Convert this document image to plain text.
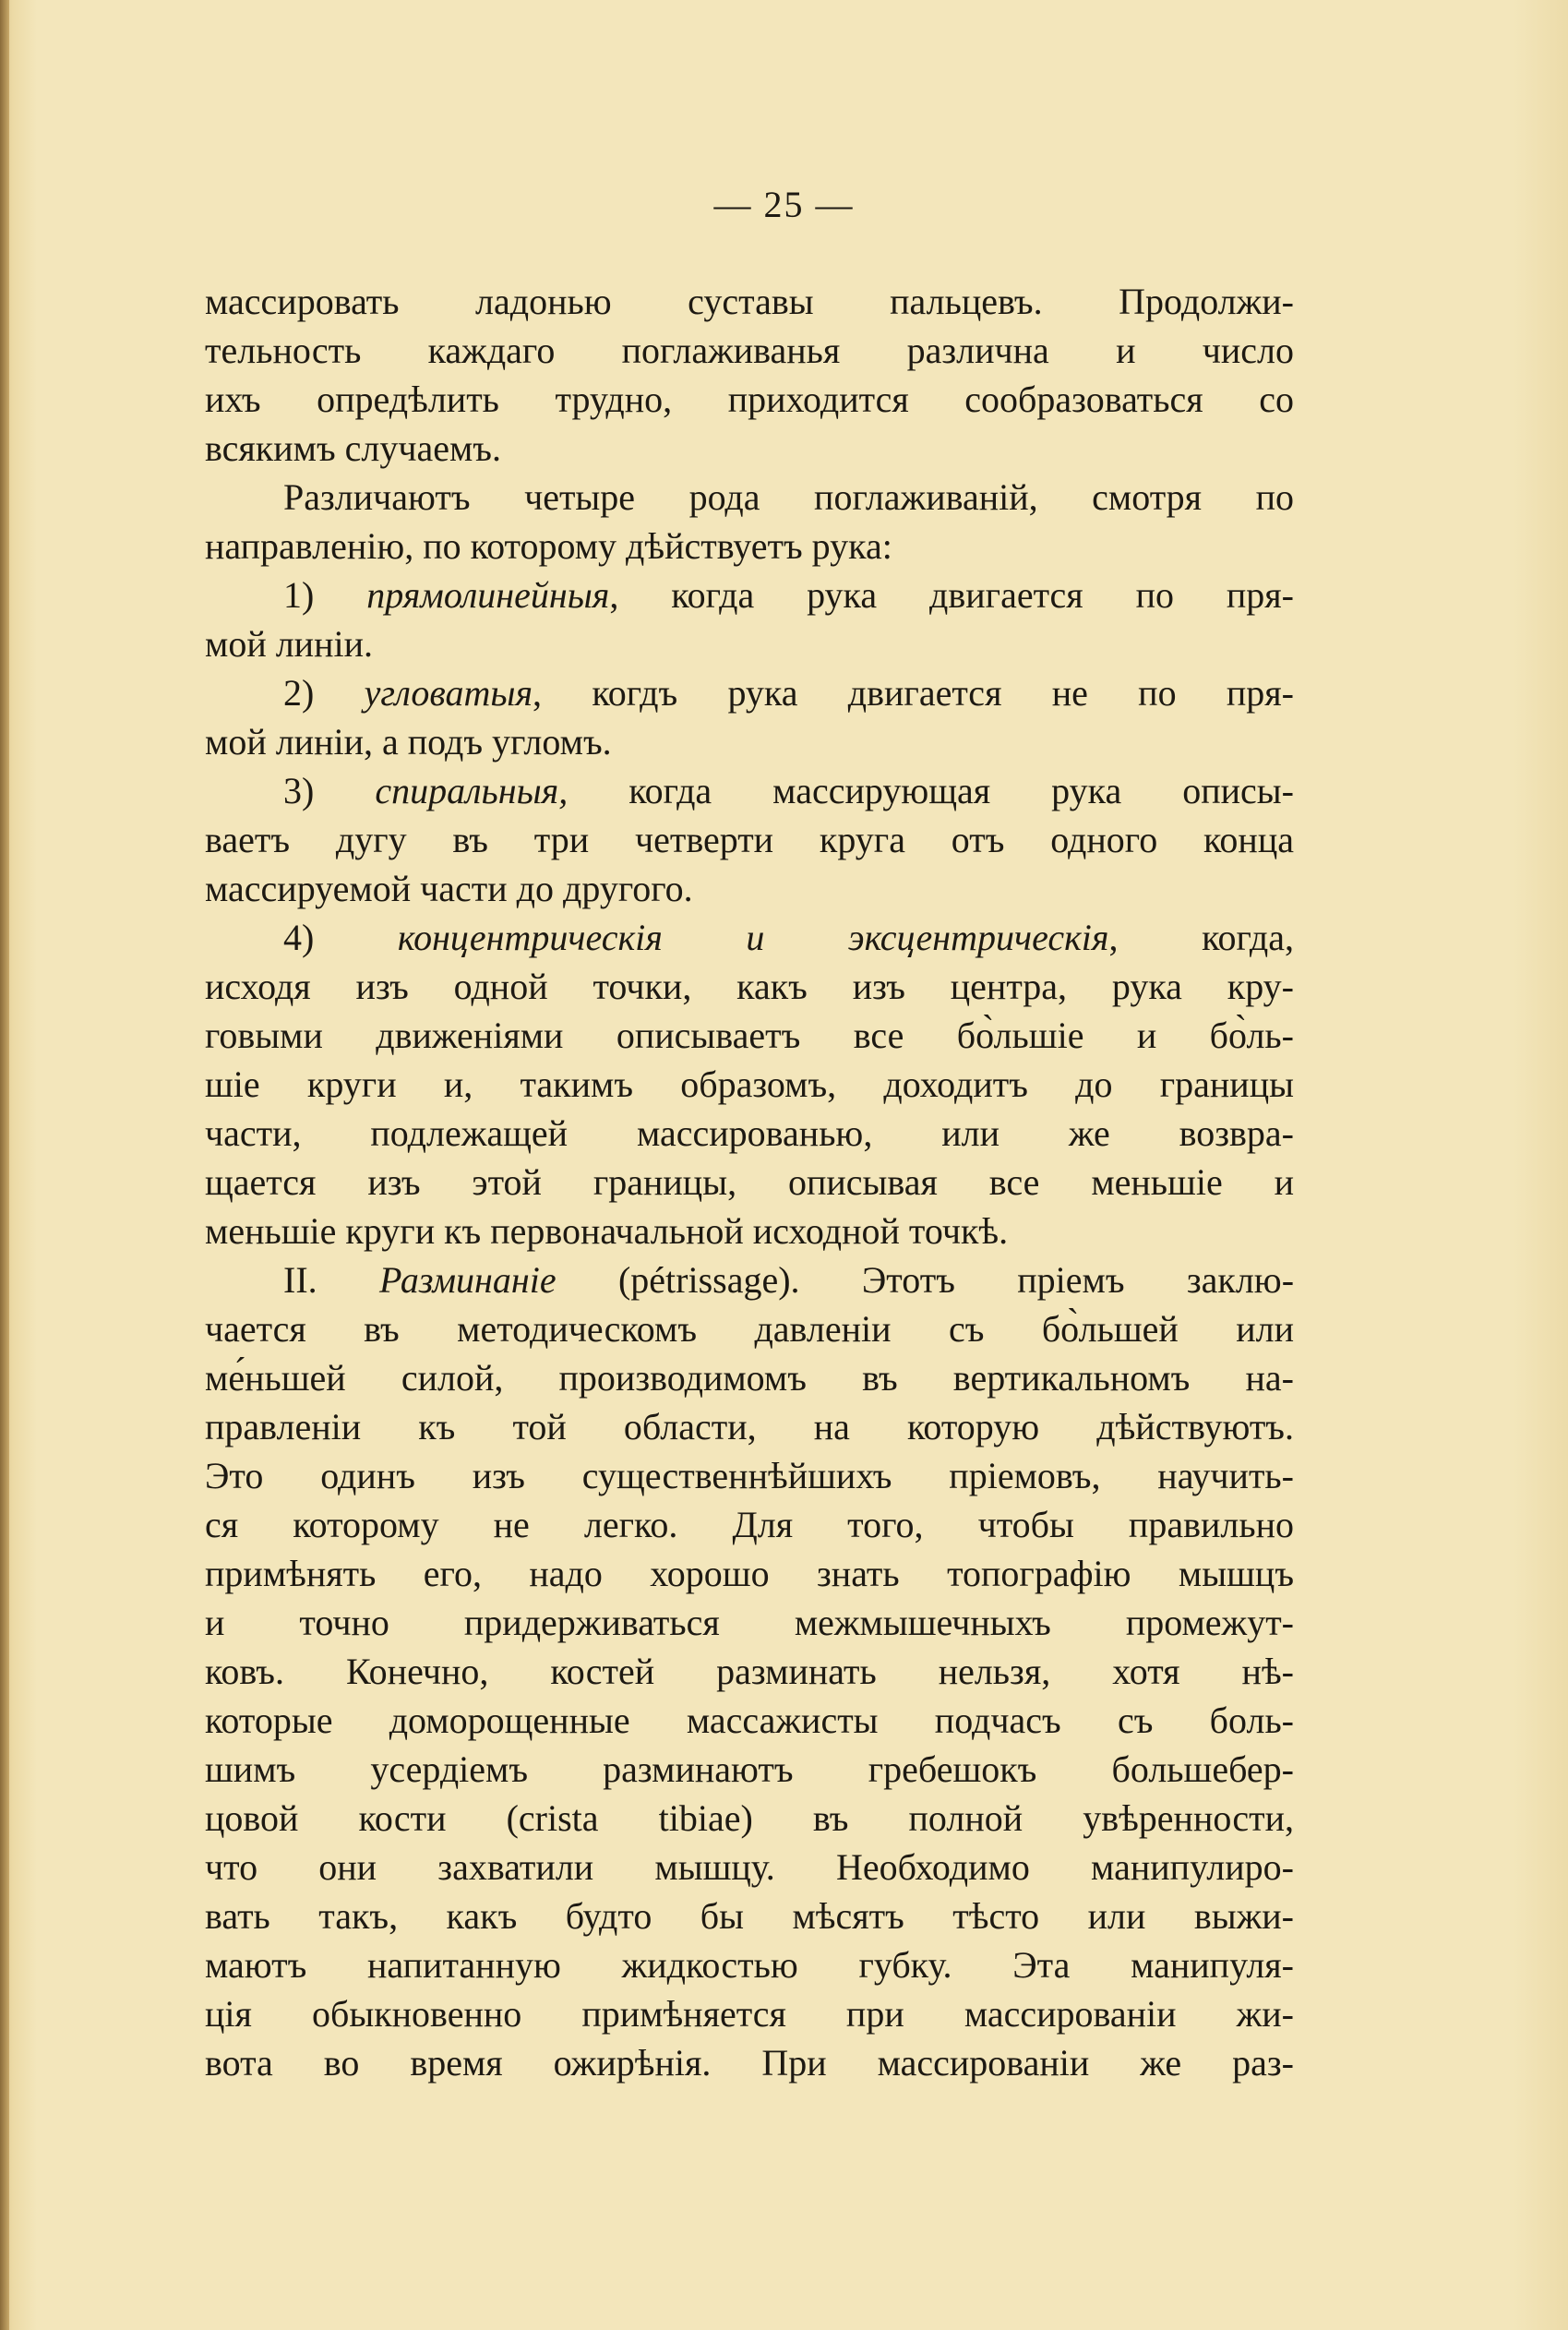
— 25 —
массировать ладонью суставы пальцевъ. Продолжи-
тельность каждаго поглаживанья различна и число
ихъ опредѣлить трудно, приходится сообразоваться со
всякимъ случаемъ.
Различаютъ четыре рода поглаживаній, смотря по
направленію, по которому дѣйствуетъ рука:
1) прямолинейныя, когда рука двигается по пря-
мой линіи.
2) угловатыя, когдъ рука двигается не по пря-
мой линіи, а подъ угломъ.
3) спиральныя, когда массирующая рука описы-
ваетъ дугу въ три четверти круга отъ одного конца
массируемой части до другого.
4) концентрическія и эксцентрическія, когда,
исходя изъ одной точки, какъ изъ центра, рука кру-
говыми движеніями описываетъ все бо̀льшіе и бо̀ль-
шіе круги и, такимъ образомъ, доходитъ до границы
части, подлежащей массированью, или же возвра-
щается изъ этой границы, описывая все меньшіе и
меньшіе круги къ первоначальной исходной точкѣ.
II. Разминаніе (pétrissage). Этотъ пріемъ заклю-
чается въ методическомъ давленіи съ бо̀льшей или
ме́ньшей силой, производимомъ въ вертикальномъ на-
правленіи къ той области, на которую дѣйствуютъ.
Это одинъ изъ существеннѣйшихъ пріемовъ, научить-
ся которому не легко. Для того, чтобы правильно
примѣнять его, надо хорошо знать топографію мышцъ
и точно придерживаться межмышечныхъ промежут-
ковъ. Конечно, костей разминать нельзя, хотя нѣ-
которые доморощенные массажисты подчасъ съ боль-
шимъ усердіемъ разминаютъ гребешокъ большебер-
цовой кости (crista tibiae) въ полной увѣренности,
что они захватили мышцу. Необходимо манипулиро-
вать такъ, какъ будто бы мѣсятъ тѣсто или выжи-
маютъ напитанную жидкостью губку. Эта манипуля-
ція обыкновенно примѣняется при массированіи жи-
вота во время ожирѣнія. При массированіи же раз-
